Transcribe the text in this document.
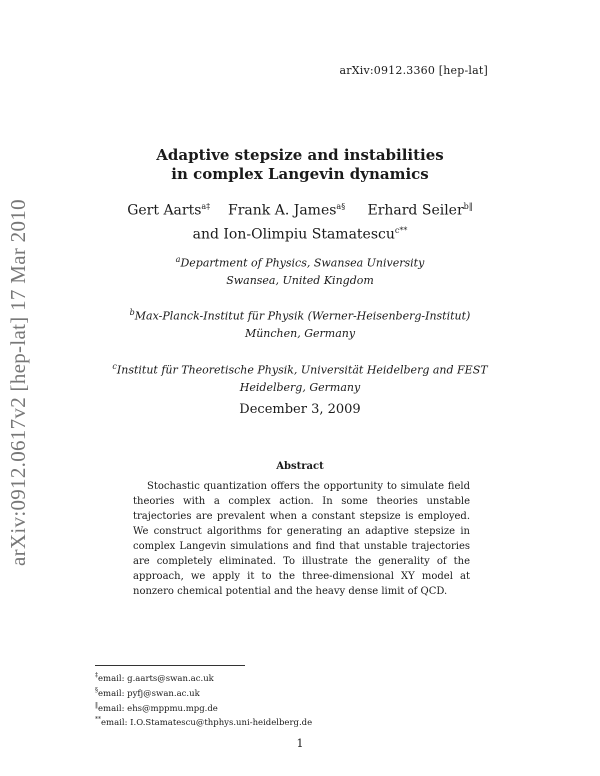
arXiv:0912.3360 [hep-lat]
arXiv:0912.0617v2 [hep-lat] 17 Mar 2010
Adaptive stepsize and instabilities
in complex Langevin dynamics
Gert Aarts$^{a\ddagger}$ Frank A. James$^{a\S}$ Erhard Seiler$^{b‖}$
and Ion-Olimpiu Stamatescu$^{c**}$
$^a$Department of Physics, Swansea University
Swansea, United Kingdom
$^b$Max-Planck-Institut für Physik (Werner-Heisenberg-Institut)
München, Germany
$^c$Institut für Theoretische Physik, Universität Heidelberg and FEST
Heidelberg, Germany
December 3, 2009
Abstract

Stochastic quantization offers the opportunity to simulate field theories with a complex action. In some theories unstable trajectories are prevalent when a constant stepsize is employed. We construct algorithms for generating an adaptive stepsize in complex Langevin simulations and find that unstable trajectories are completely eliminated. To illustrate the generality of the approach, we apply it to the three-dimensional XY model at nonzero chemical potential and the heavy dense limit of QCD.

‡email: g.aarts@swan.ac.uk
§email: pyfj@swan.ac.uk
‖email: ehs@mppmu.mpg.de
**email: I.O.Stamatescu@thphys.uni-heidelberg.de
1
